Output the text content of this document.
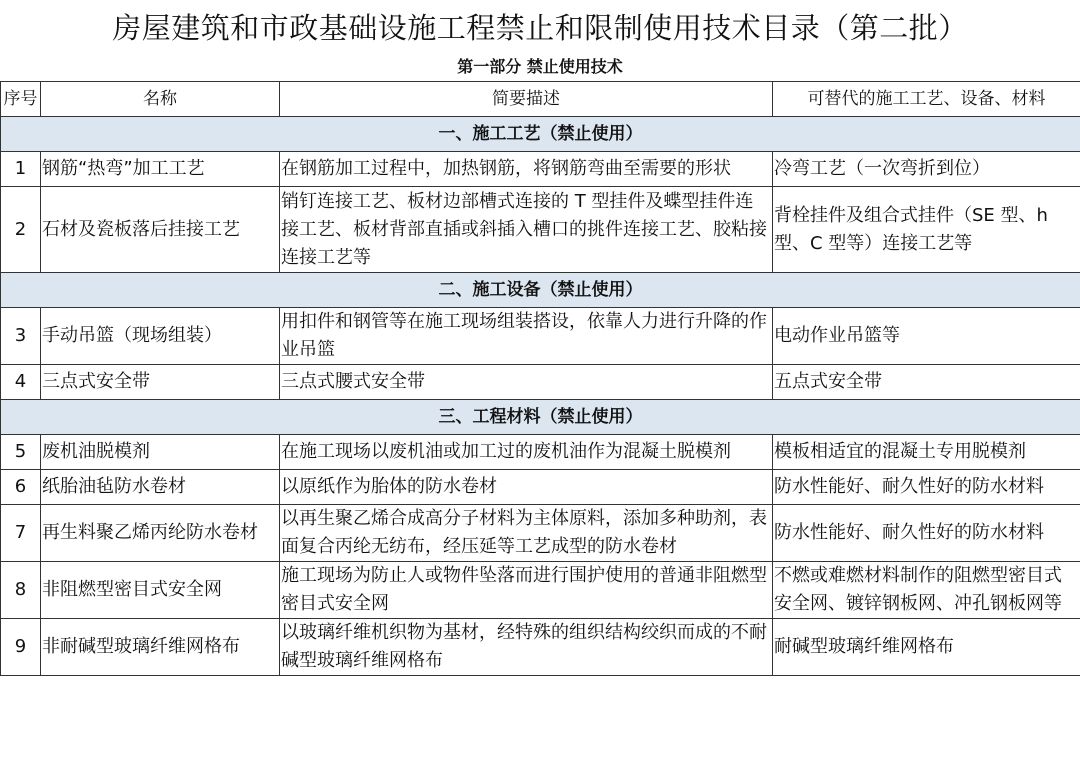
房屋建筑和市政基础设施工程禁止和限制使用技术目录（第二批）
第一部分 禁止使用技术
序号	名称	简要描述	可替代的施工工艺、设备、材料
一、施工工艺（禁止使用）			
1	钢筋“热弯”加工工艺	在钢筋加工过程中，加热钢筋，将钢筋弯曲至需要的形状	冷弯工艺（一次弯折到位）
2	石材及瓷板落后挂接工艺	销钉连接工艺、板材边部槽式连接的 T 型挂件及蝶型挂件连接工艺、板材背部直插或斜插入槽口的挑件连接工艺、胶粘接连接工艺等	背栓挂件及组合式挂件（SE 型、h 型、C 型等）连接工艺等
二、施工设备（禁止使用）			
3	手动吊篮（现场组装）	用扣件和钢管等在施工现场组装搭设，依靠人力进行升降的作业吊篮	电动作业吊篮等
4	三点式安全带	三点式腰式安全带	五点式安全带
三、工程材料（禁止使用）			
5	废机油脱模剂	在施工现场以废机油或加工过的废机油作为混凝土脱模剂	模板相适宜的混凝土专用脱模剂
6	纸胎油毡防水卷材	以原纸作为胎体的防水卷材	防水性能好、耐久性好的防水材料
7	再生料聚乙烯丙纶防水卷材	以再生聚乙烯合成高分子材料为主体原料，添加多种助剂，表面复合丙纶无纺布，经压延等工艺成型的防水卷材	防水性能好、耐久性好的防水材料
8	非阻燃型密目式安全网	施工现场为防止人或物件坠落而进行围护使用的普通非阻燃型密目式安全网	不燃或难燃材料制作的阻燃型密目式安全网、镀锌钢板网、冲孔钢板网等
9	非耐碱型玻璃纤维网格布	以玻璃纤维机织物为基材，经特殊的组织结构绞织而成的不耐碱型玻璃纤维网格布	耐碱型玻璃纤维网格布
